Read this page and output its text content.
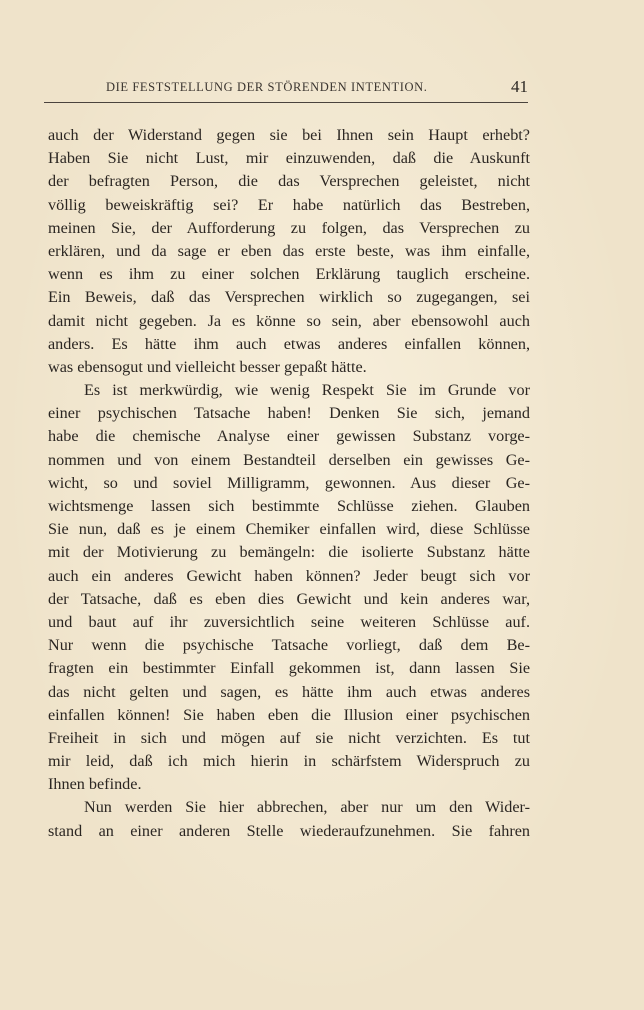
DIE FESTSTELLUNG DER STÖRENDEN INTENTION.	41
auch der Widerstand gegen sie bei Ihnen sein Haupt erhebt?
Haben Sie nicht Lust, mir einzuwenden, daß die Auskunft
der befragten Person, die das Versprechen geleistet, nicht
völlig beweiskräftig sei? Er habe natürlich das Bestreben,
meinen Sie, der Aufforderung zu folgen, das Versprechen zu
erklären, und da sage er eben das erste beste, was ihm einfalle,
wenn es ihm zu einer solchen Erklärung tauglich erscheine.
Ein Beweis, daß das Versprechen wirklich so zugegangen, sei
damit nicht gegeben. Ja es könne so sein, aber ebensowohl auch
anders. Es hätte ihm auch etwas anderes einfallen können,
was ebensogut und vielleicht besser gepaßt hätte.
Es ist merkwürdig, wie wenig Respekt Sie im Grunde vor
einer psychischen Tatsache haben! Denken Sie sich, jemand
habe die chemische Analyse einer gewissen Substanz vorge-
nommen und von einem Bestandteil derselben ein gewisses Ge-
wicht, so und soviel Milligramm, gewonnen. Aus dieser Ge-
wichtsmenge lassen sich bestimmte Schlüsse ziehen. Glauben
Sie nun, daß es je einem Chemiker einfallen wird, diese Schlüsse
mit der Motivierung zu bemängeln: die isolierte Substanz hätte
auch ein anderes Gewicht haben können? Jeder beugt sich vor
der Tatsache, daß es eben dies Gewicht und kein anderes war,
und baut auf ihr zuversichtlich seine weiteren Schlüsse auf.
Nur wenn die psychische Tatsache vorliegt, daß dem Be-
fragten ein bestimmter Einfall gekommen ist, dann lassen Sie
das nicht gelten und sagen, es hätte ihm auch etwas anderes
einfallen können! Sie haben eben die Illusion einer psychischen
Freiheit in sich und mögen auf sie nicht verzichten. Es tut
mir leid, daß ich mich hierin in schärfstem Widerspruch zu
Ihnen befinde.
Nun werden Sie hier abbrechen, aber nur um den Wider-
stand an einer anderen Stelle wiederaufzunehmen. Sie fahren
